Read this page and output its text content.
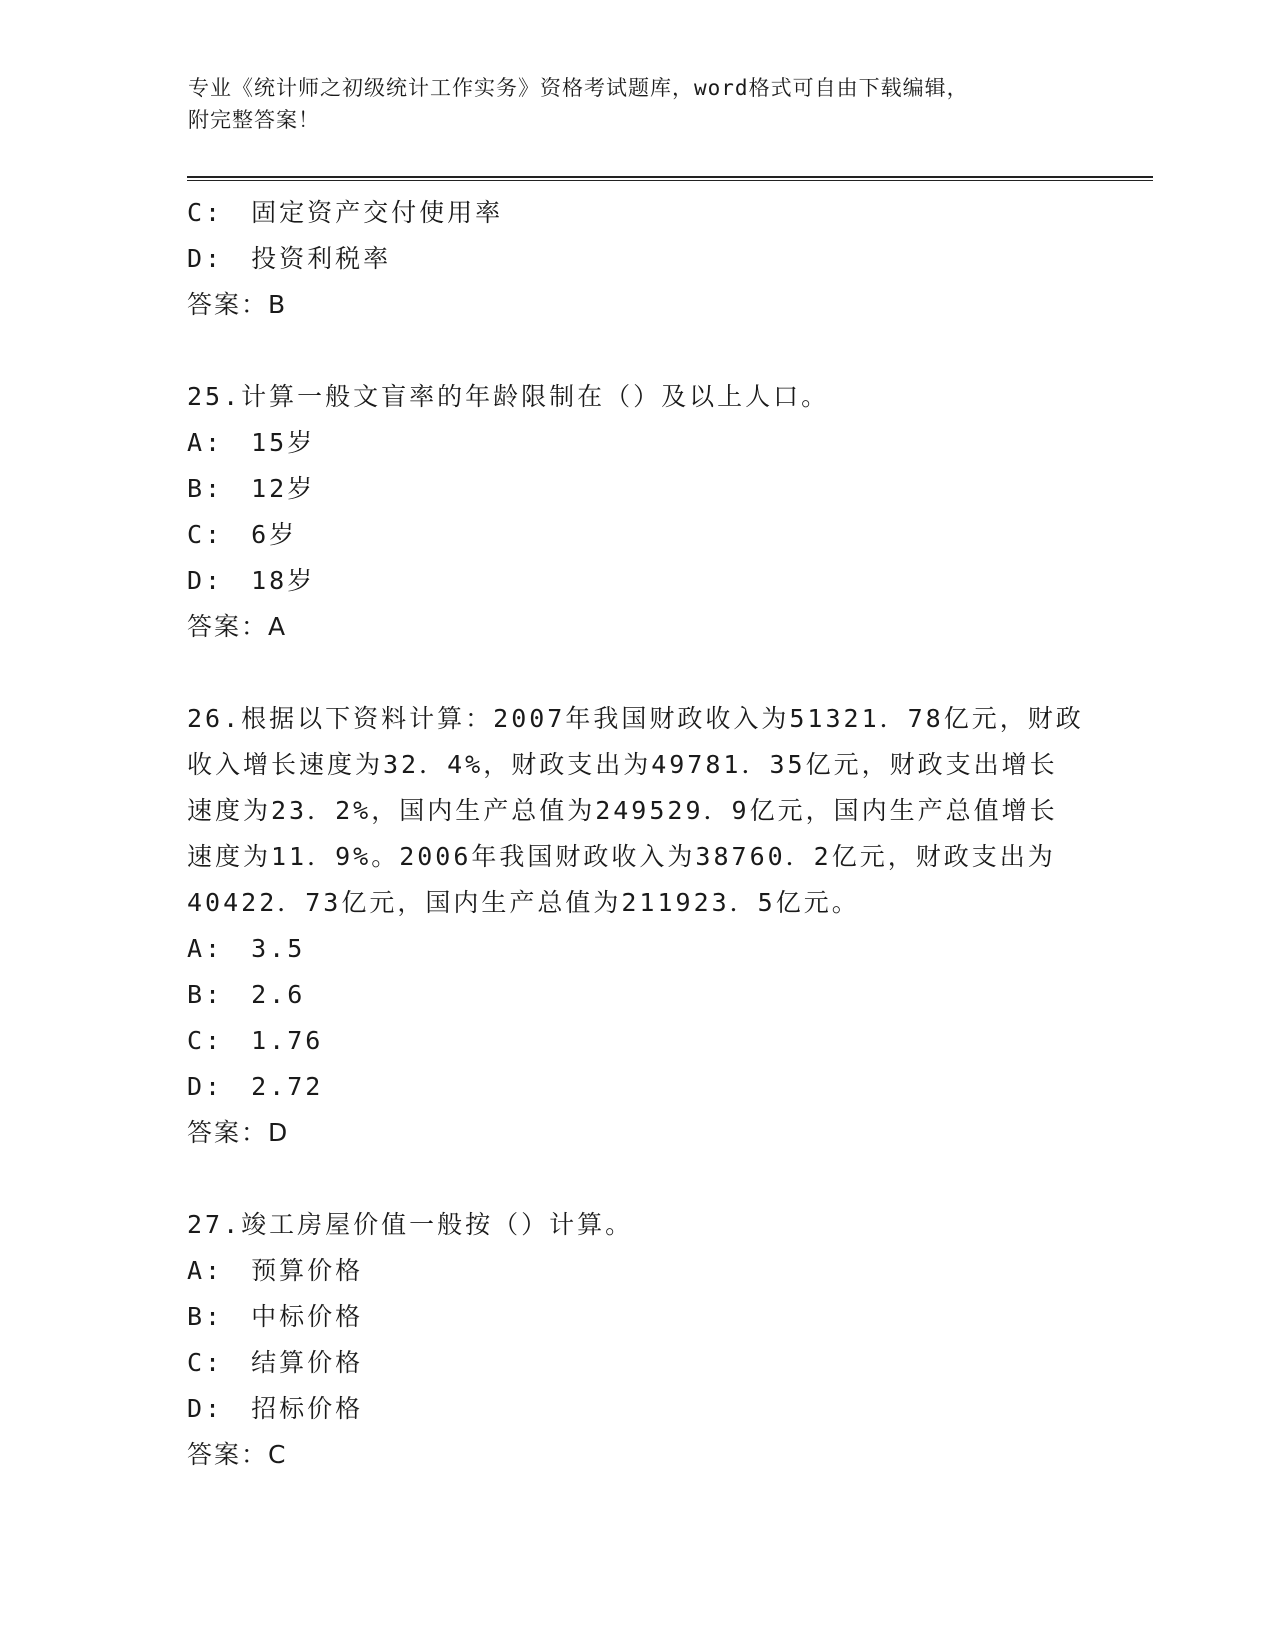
专业《统计师之初级统计工作实务》资格考试题库，word格式可自由下载编辑，
附完整答案！
C:　固定资产交付使用率
D:　投资利税率
答案：B
25.计算一般文盲率的年龄限制在（）及以上人口。
A:　15岁
B:　12岁
C:　6岁
D:　18岁
答案：A
26.根据以下资料计算：2007年我国财政收入为51321．78亿元，财政
收入增长速度为32．4%，财政支出为49781．35亿元，财政支出增长
速度为23．2%，国内生产总值为249529．9亿元，国内生产总值增长
速度为11．9%。2006年我国财政收入为38760．2亿元，财政支出为
40422．73亿元，国内生产总值为211923．5亿元。
A:　3.5
B:　2.6
C:　1.76
D:　2.72
答案：D
27.竣工房屋价值一般按（）计算。
A:　预算价格
B:　中标价格
C:　结算价格
D:　招标价格
答案：C
